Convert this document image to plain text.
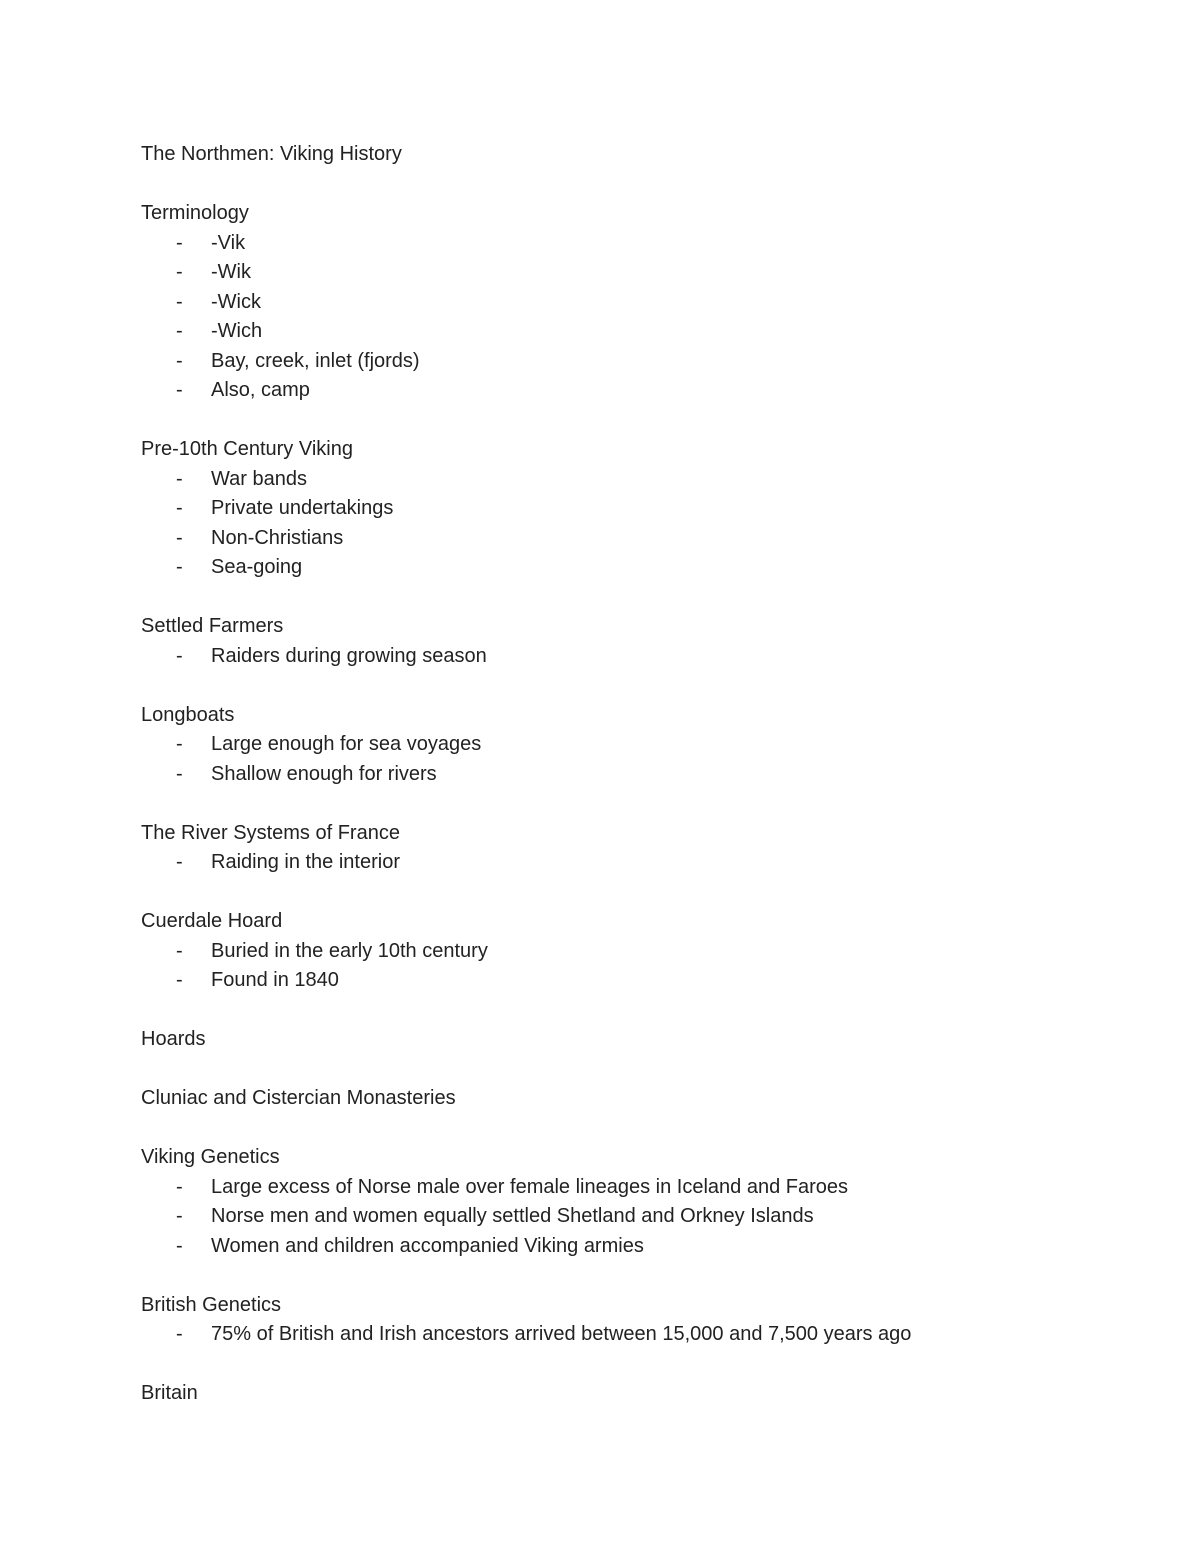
The Northmen: Viking History
Terminology
- -Vik
- -Wik
- -Wick
- -Wich
- Bay, creek, inlet (fjords)
- Also, camp
Pre-10th Century Viking
- War bands
- Private undertakings
- Non-Christians
- Sea-going
Settled Farmers
- Raiders during growing season
Longboats
- Large enough for sea voyages
- Shallow enough for rivers
The River Systems of France
- Raiding in the interior
Cuerdale Hoard
- Buried in the early 10th century
- Found in 1840
Hoards
Cluniac and Cistercian Monasteries
Viking Genetics
- Large excess of Norse male over female lineages in Iceland and Faroes
- Norse men and women equally settled Shetland and Orkney Islands
- Women and children accompanied Viking armies
British Genetics
- 75% of British and Irish ancestors arrived between 15,000 and 7,500 years ago
Britain
